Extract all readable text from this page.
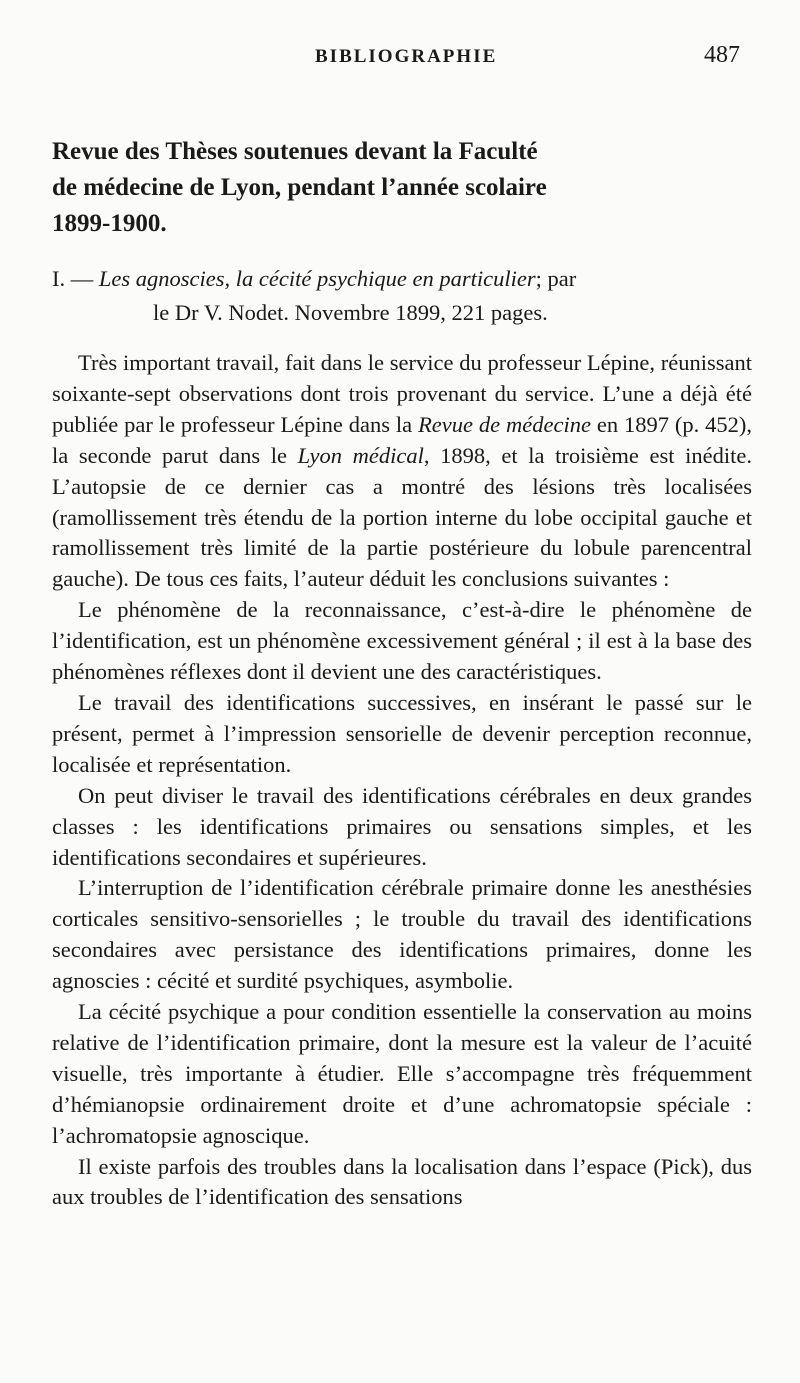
BIBLIOGRAPHIE	487
Revue des Thèses soutenues devant la Faculté
de médecine de Lyon, pendant l’année scolaire
1899-1900.
I. — Les agnoscies, la cécité psychique en particulier; par
le Dr V. Nodet. Novembre 1899, 221 pages.

Très important travail, fait dans le service du professeur Lépine, réunissant soixante-sept observations dont trois provenant du service. L’une a déjà été publiée par le professeur Lépine dans la Revue de médecine en 1897 (p. 452), la seconde parut dans le Lyon médical, 1898, et la troisième est inédite. L’autopsie de ce dernier cas a montré des lésions très localisées (ramollissement très étendu de la portion interne du lobe occipital gauche et ramollissement très limité de la partie postérieure du lobule parencentral gauche). De tous ces faits, l’auteur déduit les conclusions suivantes :

Le phénomène de la reconnaissance, c’est-à-dire le phénomène de l’identification, est un phénomène excessivement général ; il est à la base des phénomènes réflexes dont il devient une des caractéristiques.

Le travail des identifications successives, en insérant le passé sur le présent, permet à l’impression sensorielle de devenir perception reconnue, localisée et représentation.

On peut diviser le travail des identifications cérébrales en deux grandes classes : les identifications primaires ou sensations simples, et les identifications secondaires et supérieures.

L’interruption de l’identification cérébrale primaire donne les anesthésies corticales sensitivo-sensorielles ; le trouble du travail des identifications secondaires avec persistance des identifications primaires, donne les agnoscies : cécité et surdité psychiques, asymbolie.

La cécité psychique a pour condition essentielle la conservation au moins relative de l’identification primaire, dont la mesure est la valeur de l’acuité visuelle, très importante à étudier. Elle s’accompagne très fréquemment d’hémianopsie ordinairement droite et d’une achromatopsie spéciale : l’achromatopsie agnoscique.

Il existe parfois des troubles dans la localisation dans l’espace (Pick), dus aux troubles de l’identification des sensations
